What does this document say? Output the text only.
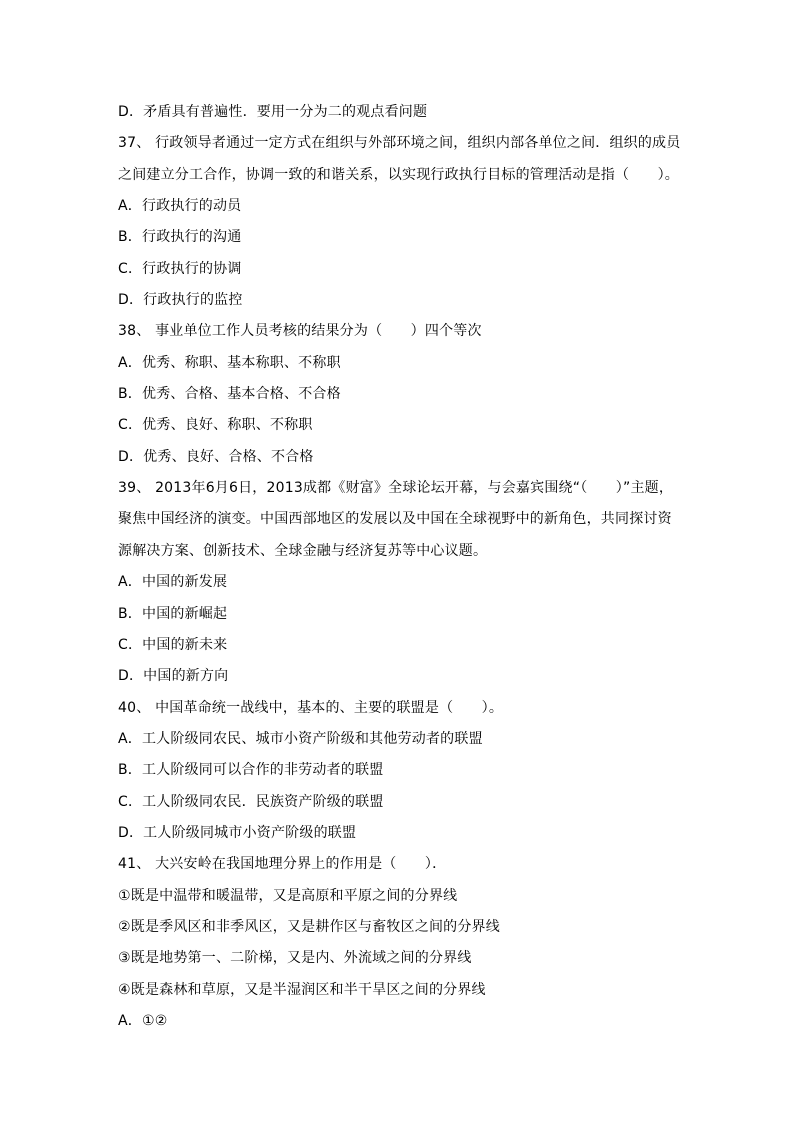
D．矛盾具有普遍性．要用一分为二的观点看问题
37、 行政领导者通过一定方式在组织与外部环境之间，组织内部各单位之间．组织的成员
之间建立分工合作，协调一致的和谐关系，以实现行政执行目标的管理活动是指（　　）。
A．行政执行的动员
B．行政执行的沟通
C．行政执行的协调
D．行政执行的监控
38、 事业单位工作人员考核的结果分为（　　）四个等次
A．优秀、称职、基本称职、不称职
B．优秀、合格、基本合格、不合格
C．优秀、良好、称职、不称职
D．优秀、良好、合格、不合格
39、 2013年6月6日，2013成都《财富》全球论坛开幕，与会嘉宾围绕“（　　）”主题，
聚焦中国经济的演变。中国西部地区的发展以及中国在全球视野中的新角色，共同探讨资
源解决方案、创新技术、全球金融与经济复苏等中心议题。
A．中国的新发展
B．中国的新崛起
C．中国的新未来
D．中国的新方向
40、 中国革命统一战线中，基本的、主要的联盟是（　　）。
A．工人阶级同农民、城市小资产阶级和其他劳动者的联盟
B．工人阶级同可以合作的非劳动者的联盟
C．工人阶级同农民．民族资产阶级的联盟
D．工人阶级同城市小资产阶级的联盟
41、 大兴安岭在我国地理分界上的作用是（　　）．
①既是中温带和暖温带，又是高原和平原之间的分界线
②既是季风区和非季风区，又是耕作区与畜牧区之间的分界线
③既是地势第一、二阶梯，又是内、外流域之间的分界线
④既是森林和草原，又是半湿润区和半干旱区之间的分界线
A．①②
